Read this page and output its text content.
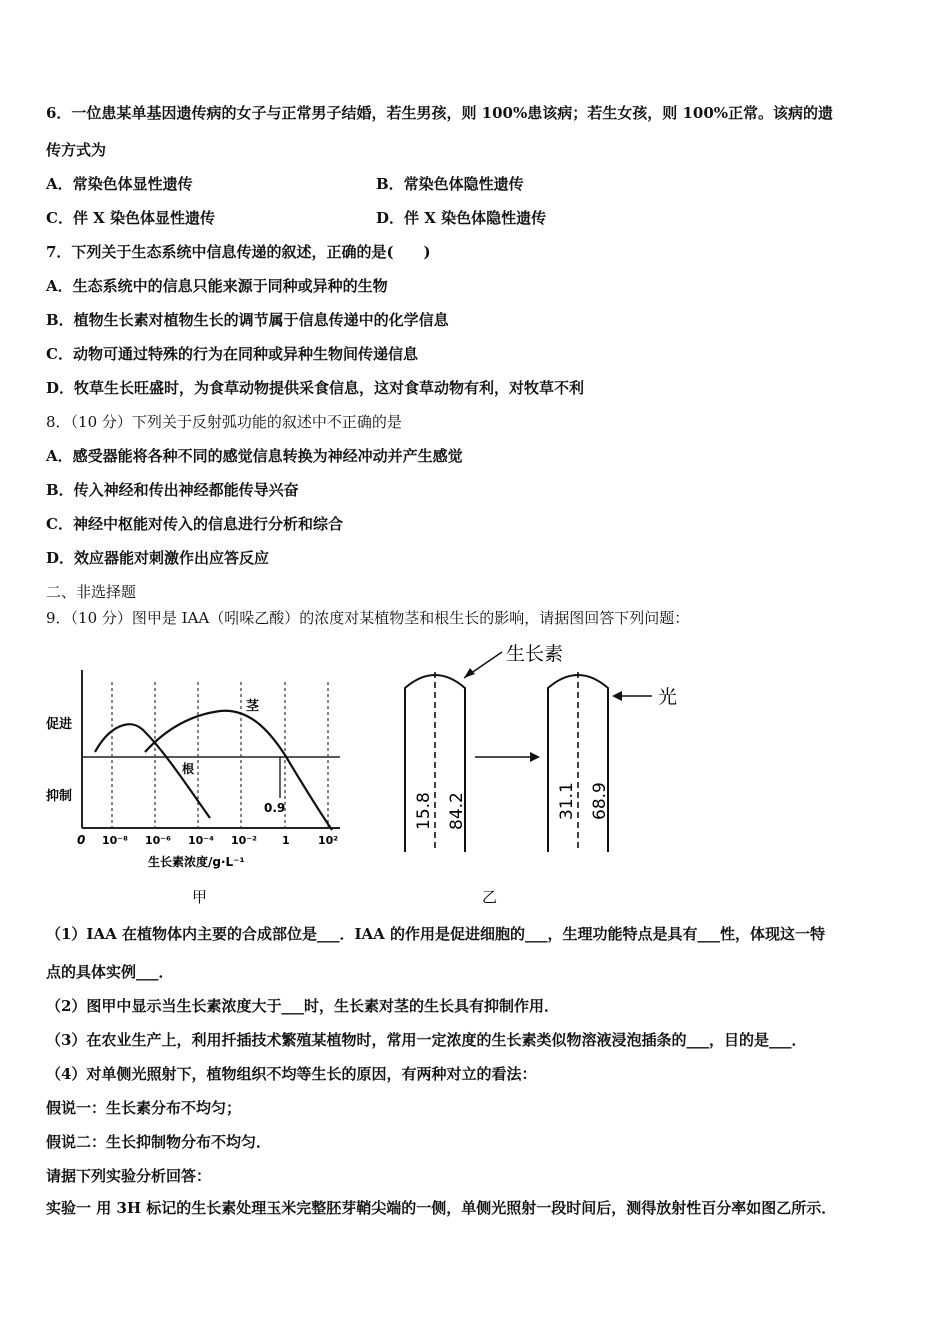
6．一位患某单基因遗传病的女子与正常男子结婚，若生男孩，则 100%患该病；若生女孩，则 100%正常。该病的遗
传方式为
A．常染色体显性遗传	B．常染色体隐性遗传
C．伴 X 染色体显性遗传	D．伴 X 染色体隐性遗传
7．下列关于生态系统中信息传递的叙述，正确的是(　　)
A．生态系统中的信息只能来源于同种或异种的生物
B．植物生长素对植物生长的调节属于信息传递中的化学信息
C．动物可通过特殊的行为在同种或异种生物间传递信息
D．牧草生长旺盛时，为食草动物提供采食信息，这对食草动物有利，对牧草不利
8．（10 分）下列关于反射弧功能的叙述中不正确的是
A．感受器能将各种不同的感觉信息转换为神经冲动并产生感觉
B．传入神经和传出神经都能传导兴奋
C．神经中枢能对传入的信息进行分析和综合
D．效应器能对刺激作出应答反应
二、非选择题
9．（10 分）图甲是 IAA（吲哚乙酸）的浓度对某植物茎和根生长的影响，请据图回答下列问题：
促进
抑制
0 10⁻⁸ 10⁻⁶ 10⁻⁴ 10⁻² 1	10²
生长素浓度/g·L⁻¹
茎
根
0.9
甲
15.8 84.2
生长素
31.1 68.9
光
乙
（1）IAA 在植物体内主要的合成部位是___．IAA 的作用是促进细胞的___，生理功能特点是具有___性，体现这一特
点的具体实例___．
（2）图甲中显示当生长素浓度大于___时，生长素对茎的生长具有抑制作用．
（3）在农业生产上，利用扦插技术繁殖某植物时，常用一定浓度的生长素类似物溶液浸泡插条的___，目的是___．
（4）对单侧光照射下，植物组织不均等生长的原因，有两种对立的看法：
假说一：生长素分布不均匀；
假说二：生长抑制物分布不均匀．
请据下列实验分析回答：
实验一 用 3H 标记的生长素处理玉米完整胚芽鞘尖端的一侧，单侧光照射一段时间后，测得放射性百分率如图乙所示．
